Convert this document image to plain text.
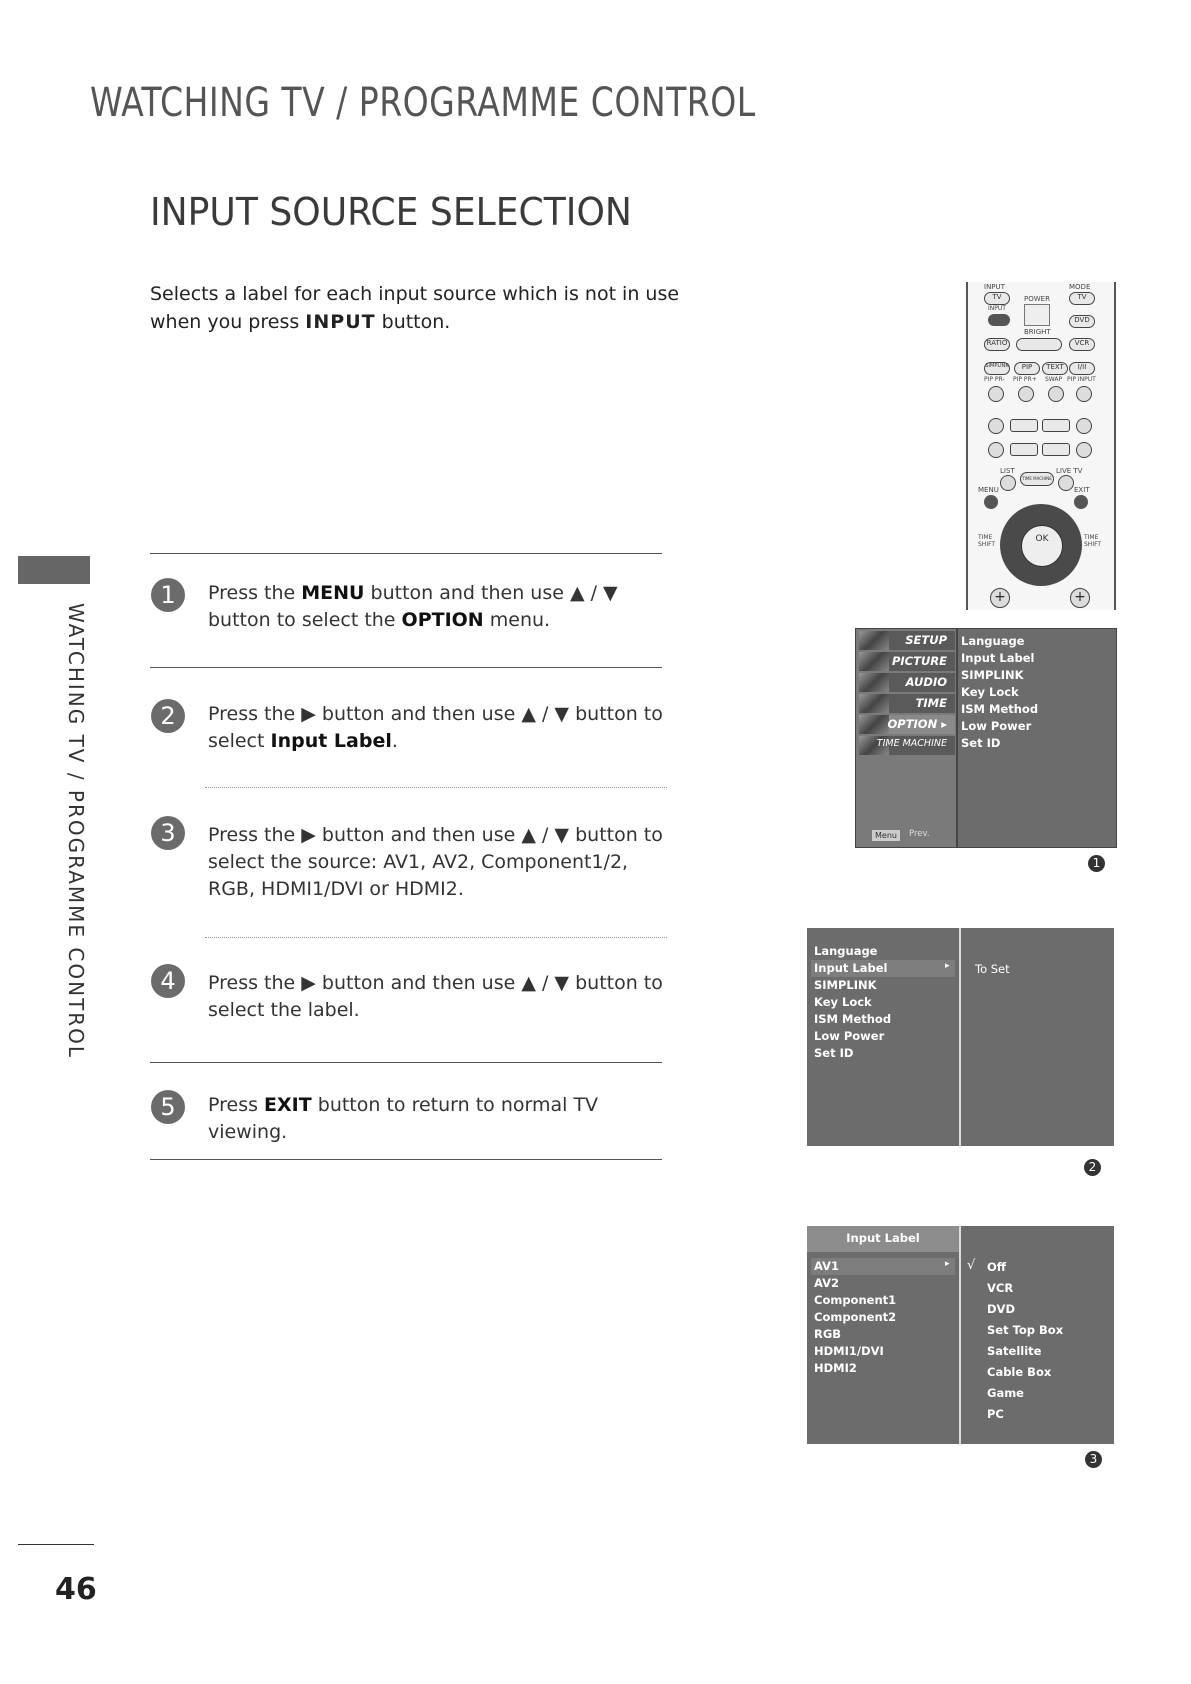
WATCHING TV / PROGRAMME CONTROL
INPUT SOURCE SELECTION
Selects a label for each input source which is not in use when you press INPUT button.
WATCHING TV / PROGRAMME CONTROL
46
1	Press the MENU button and then use ▲ / ▼ button to select the OPTION menu.
2	Press the ▶ button and then use ▲ / ▼ button to select Input Label.
3	Press the ▶ button and then use ▲ / ▼ button to select the source: AV1, AV2, Component1/2, RGB, HDMI1/DVI or HDMI2.
4	Press the ▶ button and then use ▲ / ▼ button to select the label.
5	Press EXIT button to return to normal TV viewing.
INPUT	MODE
TV	POWER	TV
INPUT
DVD
BRIGHT
RATIO	VCR
SIMPLINK	PIP	TEXT	I/II
PIP PR- PIP PR+ SWAP PIP INPUT
LIST
TIME MACHINE
LIVE TV
MENU	EXIT
TIME SHIFT
TIME SHIFT
OK
+	+
SETUP
PICTURE
AUDIO
TIME
OPTION ▸
TIME MACHINE
Menu	Prev.
Language
Input Label
SIMPLINK
Key Lock
ISM Method
Low Power
Set ID
1
Language
Input Label
SIMPLINK
Key Lock
ISM Method
Low Power
Set ID
▸ To Set
2
Input Label
AV1
AV2
Component1
Component2
RGB
HDMI1/DVI
HDMI2
▸ √ Off
VCR
DVD
Set Top Box
Satellite
Cable Box
Game
PC
3
